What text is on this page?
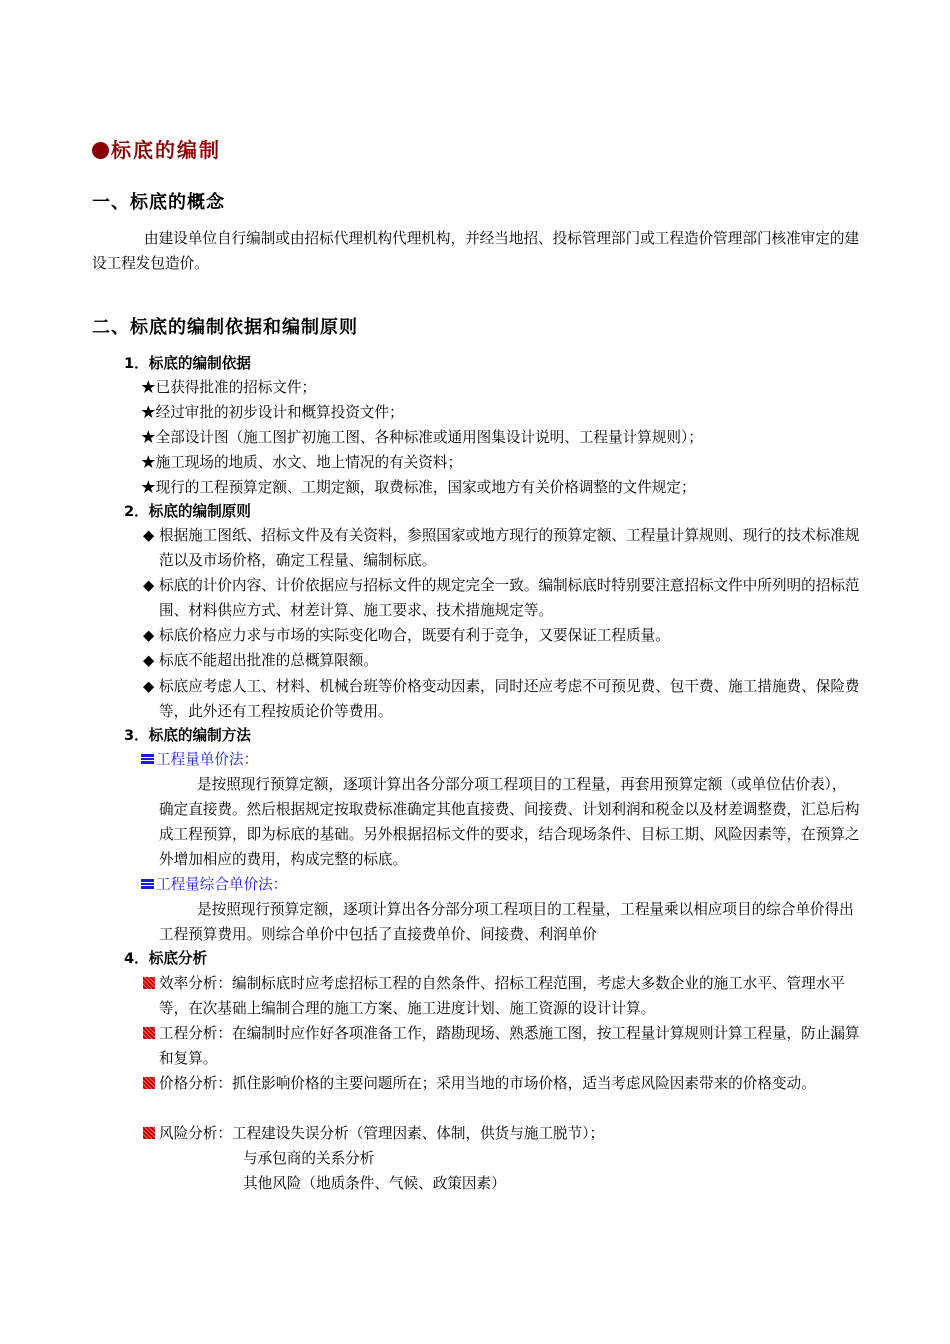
标底的编制
一、标底的概念
由建设单位自行编制或由招标代理机构代理机构，并经当地招、投标管理部门或工程造价管理部门核准审定的建设工程发包造价。
二、标底的编制依据和编制原则
1．标底的编制依据
★已获得批准的招标文件；
★经过审批的初步设计和概算投资文件；
★全部设计图（施工图扩初施工图、各种标准或通用图集设计说明、工程量计算规则）；
★施工现场的地质、水文、地上情况的有关资料；
★现行的工程预算定额、工期定额，取费标准，国家或地方有关价格调整的文件规定；
2．标底的编制原则
◆ 根据施工图纸、招标文件及有关资料，参照国家或地方现行的预算定额、工程量计算规则、现行的技术标准规范以及市场价格，确定工程量、编制标底。
◆ 标底的计价内容、计价依据应与招标文件的规定完全一致。编制标底时特别要注意招标文件中所列明的招标范围、材料供应方式、材差计算、施工要求、技术措施规定等。
◆ 标底价格应力求与市场的实际变化吻合，既要有利于竞争，又要保证工程质量。
◆ 标底不能超出批准的总概算限额。
◆ 标底应考虑人工、材料、机械台班等价格变动因素，同时还应考虑不可预见费、包干费、施工措施费、保险费等，此外还有工程按质论价等费用。
3．标底的编制方法
工程量单价法：
是按照现行预算定额，逐项计算出各分部分项工程项目的工程量，再套用预算定额（或单位估价表），确定直接费。然后根据规定按取费标准确定其他直接费、间接费、计划利润和税金以及材差调整费，汇总后构成工程预算，即为标底的基础。另外根据招标文件的要求，结合现场条件、目标工期、风险因素等，在预算之外增加相应的费用，构成完整的标底。
工程量综合单价法：
是按照现行预算定额，逐项计算出各分部分项工程项目的工程量，工程量乘以相应项目的综合单价得出工程预算费用。则综合单价中包括了直接费单价、间接费、利润单价
4．标底分析
效率分析：编制标底时应考虑招标工程的自然条件、招标工程范围，考虑大多数企业的施工水平、管理水平等，在次基础上编制合理的施工方案、施工进度计划、施工资源的设计计算。
工程分析：在编制时应作好各项准备工作，踏勘现场、熟悉施工图，按工程量计算规则计算工程量，防止漏算和复算。
价格分析：抓住影响价格的主要问题所在；采用当地的市场价格，适当考虑风险因素带来的价格变动。
风险分析：工程建设失误分析（管理因素、体制，供货与施工脱节）；
与承包商的关系分析
其他风险（地质条件、气候、政策因素）
